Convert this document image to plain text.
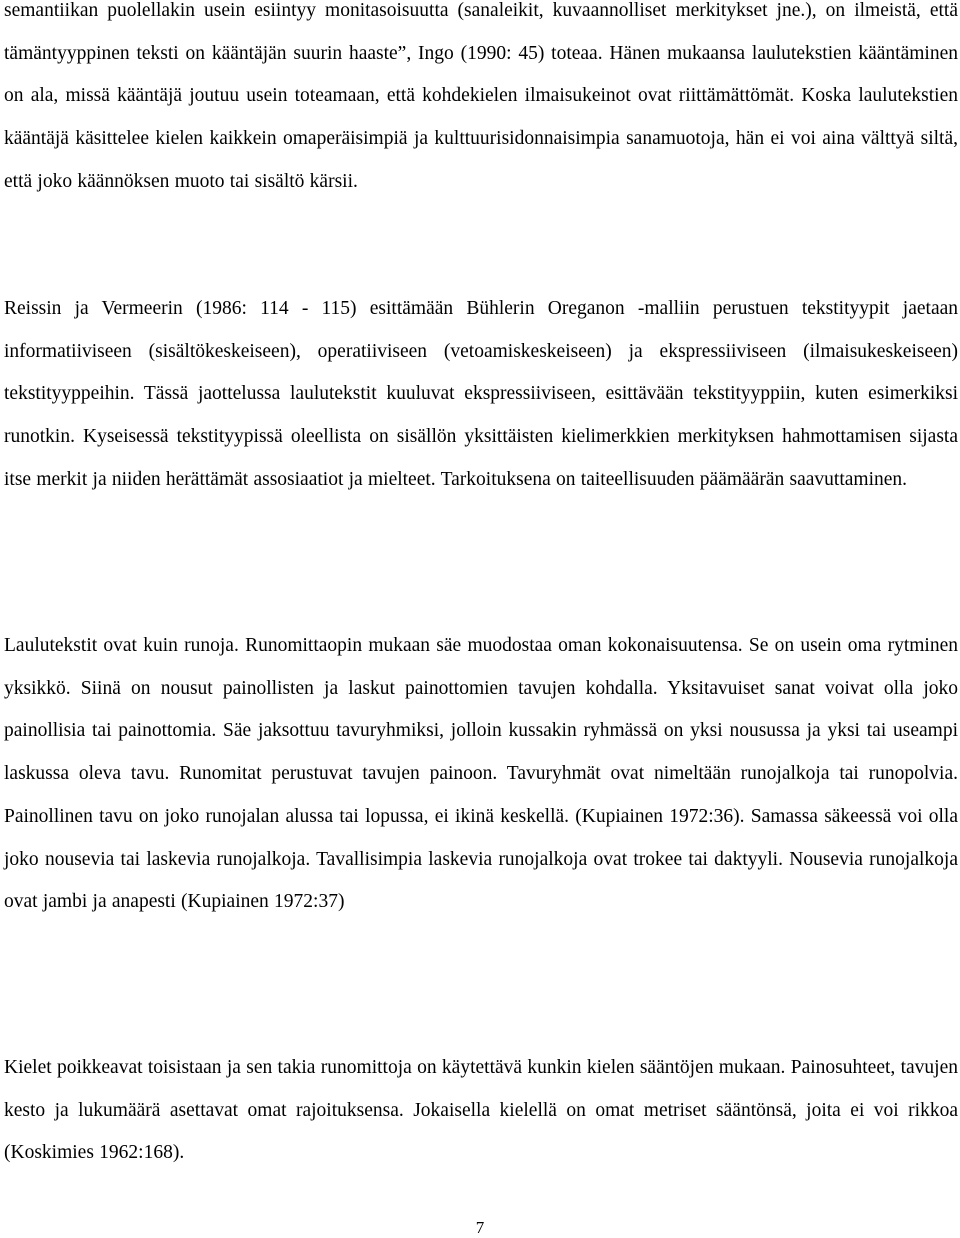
semantiikan puolellakin usein esiintyy monitasoisuutta (sanaleikit, kuvaannolliset merkitykset jne.), on ilmeistä, että tämäntyyppinen teksti on kääntäjän suurin haaste”, Ingo (1990: 45) toteaa. Hänen mukaansa laulutekstien kääntäminen on ala, missä kääntäjä joutuu usein toteamaan, että kohdekielen ilmaisukeinot ovat riittämättömät. Koska laulutekstien kääntäjä käsittelee kielen kaikkein omaperäisimpiä ja kulttuurisidonnaisimpia sanamuotoja, hän ei voi aina välttyä siltä, että joko käännöksen muoto tai sisältö kärsii.

Reissin ja Vermeerin (1986: 114 - 115) esittämään Bühlerin Oreganon -malliin perustuen tekstityypit jaetaan informatiiviseen (sisältökeskeiseen), operatiiviseen (vetoamiskeskeiseen) ja ekspressiiviseen (ilmaisukeskeiseen) tekstityyppeihin. Tässä jaottelussa laulutekstit kuuluvat ekspressiiviseen, esittävään tekstityyppiin, kuten esimerkiksi runotkin. Kyseisessä tekstityypissä oleellista on sisällön yksittäisten kielimerkkien merkityksen hahmottamisen sijasta itse merkit ja niiden herättämät assosiaatiot ja mielteet. Tarkoituksena on taiteellisuuden päämäärän saavuttaminen.

Laulutekstit ovat kuin runoja. Runomittaopin mukaan säe muodostaa oman kokonaisuutensa. Se on usein oma rytminen yksikkö. Siinä on nousut painollisten ja laskut painottomien tavujen kohdalla. Yksitavuiset sanat voivat olla joko painollisia tai painottomia. Säe jaksottuu tavuryhmiksi, jolloin kussakin ryhmässä on yksi nousussa ja yksi tai useampi laskussa oleva tavu. Runomitat perustuvat tavujen painoon. Tavuryhmät ovat nimeltään runojalkoja tai runopolvia. Painollinen tavu on joko runojalan alussa tai lopussa, ei ikinä keskellä. (Kupiainen 1972:36). Samassa säkeessä voi olla joko nousevia tai laskevia runojalkoja. Tavallisimpia laskevia runojalkoja ovat trokee tai daktyyli. Nousevia runojalkoja ovat jambi ja anapesti (Kupiainen 1972:37)

Kielet poikkeavat toisistaan ja sen takia runomittoja on käytettävä kunkin kielen sääntöjen mukaan. Painosuhteet, tavujen kesto ja lukumäärä asettavat omat rajoituksensa. Jokaisella kielellä on omat metriset sääntönsä, joita ei voi rikkoa (Koskimies 1962:168).

7
